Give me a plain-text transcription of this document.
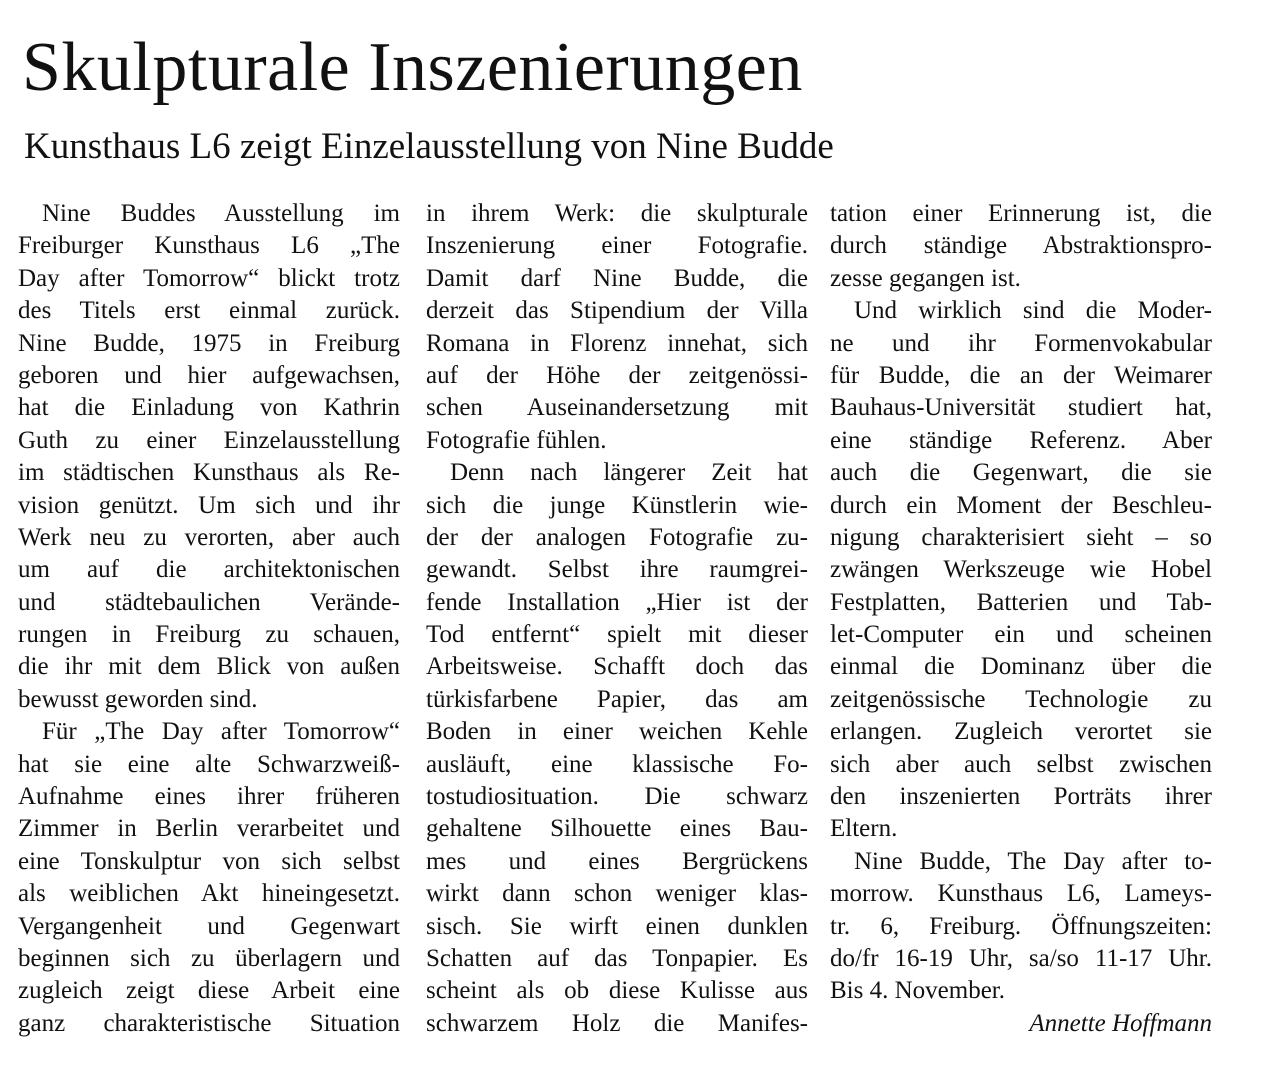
Skulpturale Inszenierungen
Kunsthaus L6 zeigt Einzelausstellung von Nine Budde
Nine Buddes Ausstellung im
Freiburger Kunsthaus L6 „The
Day after Tomorrow“ blickt trotz
des Titels erst einmal zurück.
Nine Budde, 1975 in Freiburg
geboren und hier aufgewachsen,
hat die Einladung von Kathrin
Guth zu einer Einzelausstellung
im städtischen Kunsthaus als Re-
vision genützt. Um sich und ihr
Werk neu zu verorten, aber auch
um auf die architektonischen
und städtebaulichen Verände-
rungen in Freiburg zu schauen,
die ihr mit dem Blick von außen
bewusst geworden sind.
Für „The Day after Tomorrow“
hat sie eine alte Schwarzweiß-
Aufnahme eines ihrer früheren
Zimmer in Berlin verarbeitet und
eine Tonskulptur von sich selbst
als weiblichen Akt hineingesetzt.
Vergangenheit und Gegenwart
beginnen sich zu überlagern und
zugleich zeigt diese Arbeit eine
ganz charakteristische Situation
in ihrem Werk: die skulpturale
Inszenierung einer Fotografie.
Damit darf Nine Budde, die
derzeit das Stipendium der Villa
Romana in Florenz innehat, sich
auf der Höhe der zeitgenössi-
schen Auseinandersetzung mit
Fotografie fühlen.
Denn nach längerer Zeit hat
sich die junge Künstlerin wie-
der der analogen Fotografie zu-
gewandt. Selbst ihre raumgrei-
fende Installation „Hier ist der
Tod entfernt“ spielt mit dieser
Arbeitsweise. Schafft doch das
türkisfarbene Papier, das am
Boden in einer weichen Kehle
ausläuft, eine klassische Fo-
tostudiosituation. Die schwarz
gehaltene Silhouette eines Bau-
mes und eines Bergrückens
wirkt dann schon weniger klas-
sisch. Sie wirft einen dunklen
Schatten auf das Tonpapier. Es
scheint als ob diese Kulisse aus
schwarzem Holz die Manifes-
tation einer Erinnerung ist, die
durch ständige Abstraktionspro-
zesse gegangen ist.
Und wirklich sind die Moder-
ne und ihr Formenvokabular
für Budde, die an der Weimarer
Bauhaus-Universität studiert hat,
eine ständige Referenz. Aber
auch die Gegenwart, die sie
durch ein Moment der Beschleu-
nigung charakterisiert sieht – so
zwängen Werkszeuge wie Hobel
Festplatten, Batterien und Tab-
let-Computer ein und scheinen
einmal die Dominanz über die
zeitgenössische Technologie zu
erlangen. Zugleich verortet sie
sich aber auch selbst zwischen
den inszenierten Porträts ihrer
Eltern.
Nine Budde, The Day after to-
morrow. Kunsthaus L6, Lameys-
tr. 6, Freiburg. Öffnungszeiten:
do/fr 16-19 Uhr, sa/so 11-17 Uhr.
Bis 4. November.
Annette Hoffmann
